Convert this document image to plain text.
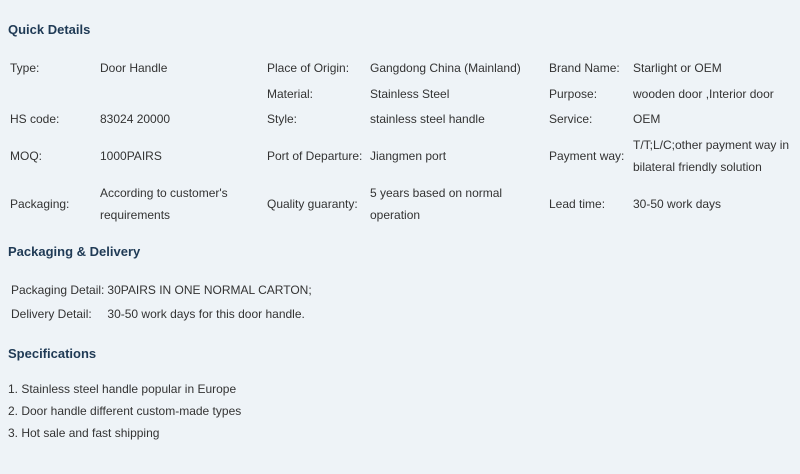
Quick Details
Type:	Door Handle	Place of Origin:	Gangdong China (Mainland)	Brand Name:	Starlight or OEM
		Material:	Stainless Steel	Purpose:	wooden door ,Interior door
HS code:	83024 20000	Style:	stainless steel handle	Service:	OEM
MOQ:	1000PAIRS	Port of Departure:	Jiangmen port	Payment way:	T/T;L/C;other payment way in bilateral friendly solution
Packaging:	According to customer's requirements	Quality guaranty:	5 years based on normal operation	Lead time:	30-50 work days
Packaging & Delivery
Packaging Detail:	30PAIRS IN ONE NORMAL CARTON;
Delivery Detail:	30-50 work days for this door handle.
Specifications
1. Stainless steel handle popular in Europe
2. Door handle different custom-made types
3. Hot sale and fast shipping
